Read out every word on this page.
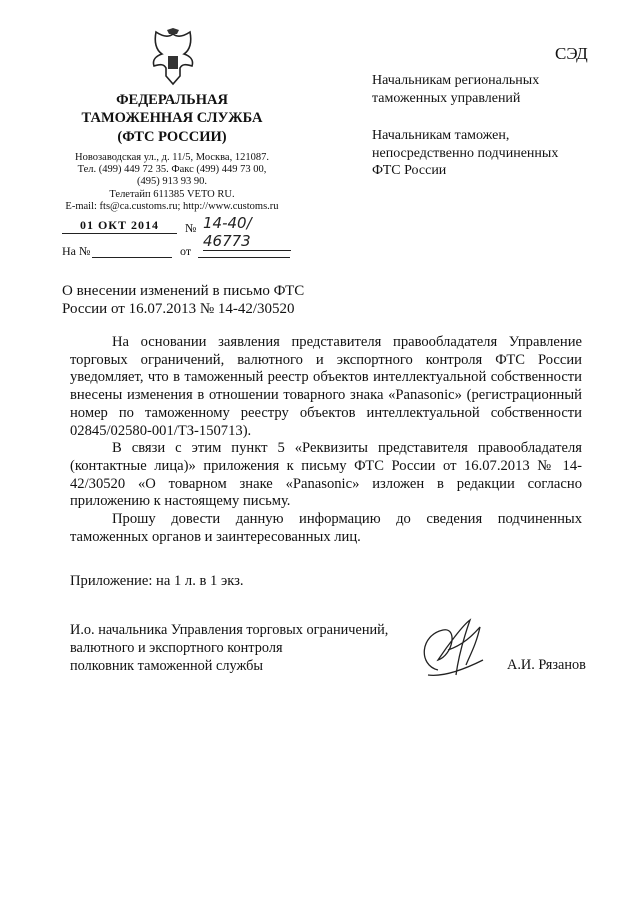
СЭД
ФЕДЕРАЛЬНАЯ
ТАМОЖЕННАЯ СЛУЖБА
(ФТС РОССИИ)
Новозаводская ул., д. 11/5, Москва, 121087.
Тел. (499) 449 72 35. Факс (499) 449 73 00,
(495) 913 93 90.
Телетайп 611385 VETO RU.
E-mail: fts@ca.customs.ru; http://www.customs.ru
01 ОКТ 2014	№ 14-40/ 46773
На №	от
Начальникам региональных
таможенных управлений
Начальникам таможен,
непосредственно подчиненных
ФТС России
О внесении изменений в письмо ФТС
России от 16.07.2013 № 14-42/30520

На основании заявления представителя правообладателя Управление торговых ограничений, валютного и экспортного контроля ФТС России уведомляет, что в таможенный реестр объектов интеллектуальной собственности внесены изменения в отношении товарного знака «Panasonic» (регистрационный номер по таможенному реестру объектов интеллектуальной собственности 02845/02580-001/ТЗ-150713).

В связи с этим пункт 5 «Реквизиты представителя правообладателя (контактные лица)» приложения к письму ФТС России от 16.07.2013 № 14-42/30520 «О товарном знаке «Panasonic» изложен в редакции согласно приложению к настоящему письму.

Прошу довести данную информацию до сведения подчиненных таможенных органов и заинтересованных лиц.

Приложение: на 1 л. в 1 экз.
И.о. начальника Управления торговых ограничений,
валютного и экспортного контроля
полковник таможенной службы	А.И. Рязанов
